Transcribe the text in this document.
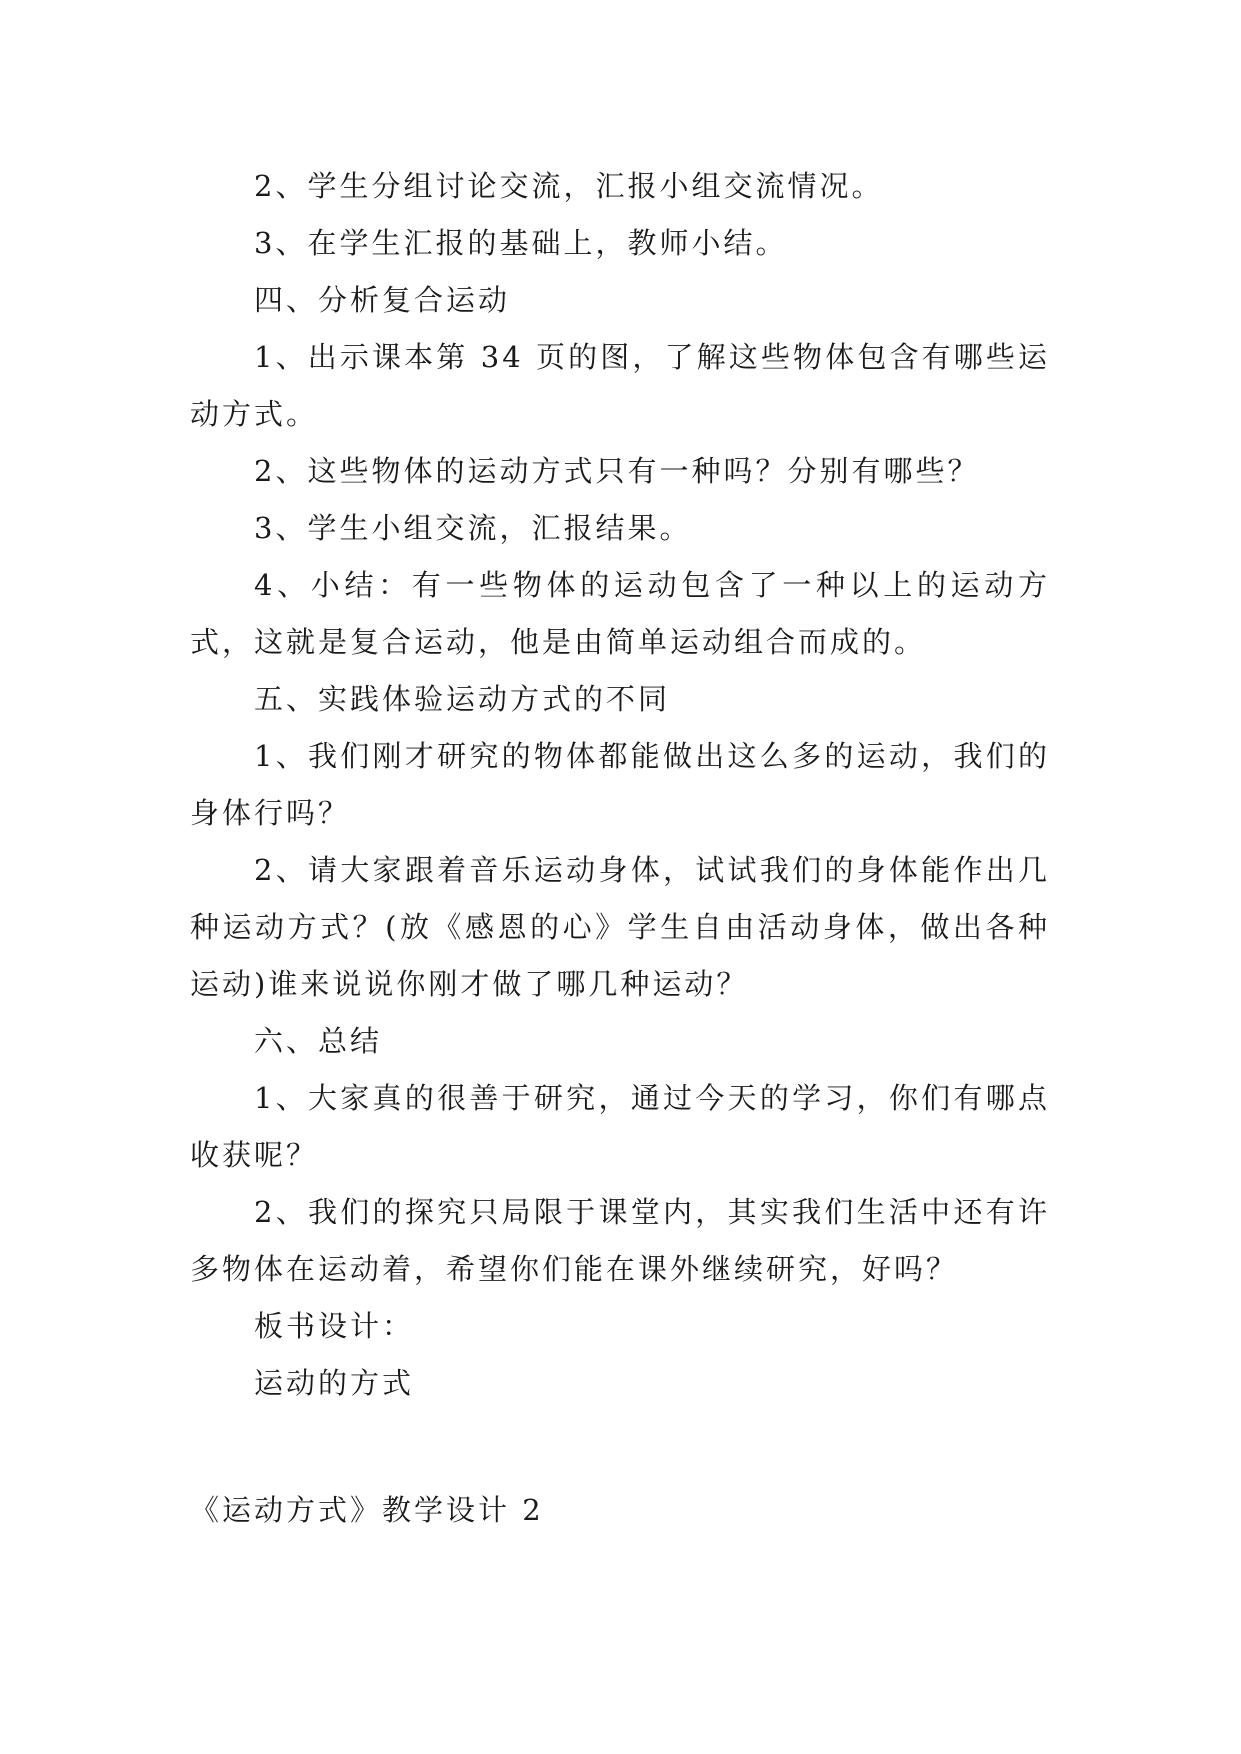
2、学生分组讨论交流，汇报小组交流情况。

3、在学生汇报的基础上，教师小结。

四、分析复合运动

1、出示课本第 34 页的图，了解这些物体包含有哪些运动方式。

2、这些物体的运动方式只有一种吗？分别有哪些？

3、学生小组交流，汇报结果。

4、小结：有一些物体的运动包含了一种以上的运动方式，这就是复合运动，他是由简单运动组合而成的。

五、实践体验运动方式的不同

1、我们刚才研究的物体都能做出这么多的运动，我们的身体行吗？

2、请大家跟着音乐运动身体，试试我们的身体能作出几种运动方式？(放《感恩的心》学生自由活动身体，做出各种运动)谁来说说你刚才做了哪几种运动？

六、总结

1、大家真的很善于研究，通过今天的学习，你们有哪点收获呢？

2、我们的探究只局限于课堂内，其实我们生活中还有许多物体在运动着，希望你们能在课外继续研究，好吗？

板书设计：

运动的方式

《运动方式》教学设计 2
